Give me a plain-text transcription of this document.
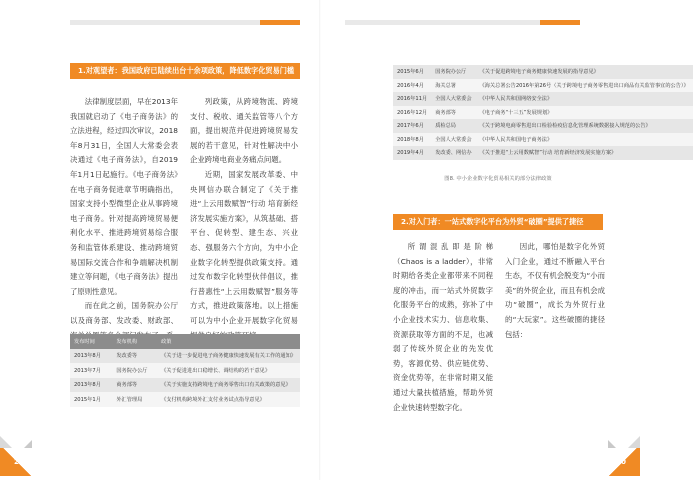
1.对观望者：我国政府已陆续出台十余项政策，降低数字化贸易门槛

法律制度层面，早在2013年我国就启动了《电子商务法》的立法进程，经过四次审议，2018年8月31日，全国人大常委会表决通过《电子商务法》，自2019年1月1日起施行。《电子商务法》在电子商务促进章节明确指出，国家支持小型微型企业从事跨境电子商务。针对提高跨境贸易便利化水平、推进跨境贸易综合服务和监管体系建设、推动跨境贸易国际交流合作和争端解决机制建立等问题，《电子商务法》提出了原则性意见。

而在此之前，国务院办公厅以及商务部、发改委、财政部、

列政策，从跨境物流、跨境支付、税收、通关监管等八个方面，提出规范并促进跨境贸易发展的若干意见，针对性解决中小企业跨境电商业务痛点问题。

近期，国家发展改革委、中央网信办联合制定了《关于推进“上云用数赋智”行动 培育新经济发展实施方案》，从筑基础、搭平台、促转型、建生态、兴业态、强服务六个方向，为中小企业数字化转型提供政策支持。通过发布数字化转型伙伴倡议，推行普惠性“上云用数赋智”服务等方式，推进政策落地。以上措施可以为中小企业开展数字化贸易

发布时间	发布机构	政策
2013年8月	发改委等	《关于进一步促进电子商务健康快速发展有关工作的通知》
2013年7月	国务院办公厅	《关于促进进出口稳增长、调结构的若干意见》
2013年8月	商务部等	《关于实施支持跨境电子商务零售出口有关政策的意见》
2015年1月	外汇管理局	《支付机构跨境外汇支付业务试点指导意见》
29
2015年6月	国务院办公厅	《关于促进跨境电子商务健康快速发展的指导意见》
2016年4月	海关总署	《海关总署公告2016年第26号（关于跨境电子商务零售进出口商品有关监管事宜的公告）》
2016年11月	全国人大常委会	《中华人民共和国网络安全法》
2016年12月	商务部等	《电子商务“十三五”发展规划》
2017年6月	质检总局	《关于跨境电商零售进出口检验检疫信息化管理系统数据接入规范的公告》
2018年8月	全国人大常委会	《中华人民共和国电子商务法》
2019年4月	发改委、网信办	《关于推进“上云用数赋智”行动 培育新经济发展实施方案》
图8. 中小企业数字化贸易相关的部分法律政策
2.对入门者：一站式数字化平台为外贸“破圈”提供了捷径

所谓混乱即是阶梯（Chaos is a ladder），非常时期给各类企业都带来不同程度的冲击，而一站式外贸数字化服务平台的成熟，弥补了中小企业技术实力、信息收集、资源获取等方面的不足，也减弱了传统外贸企业的先发优势，客源优势、供应链优势、资金优势等，在非常时期又能通过大量扶植措施，帮助外贸企业快速转型数字化。

因此，哪怕是数字化外贸入门企业，通过不断融入平台生态，不仅有机会脱变为“小而美”的外贸企业，而且有机会成功“破圈”，成长为外贸行业的“大玩家”。这些破圈的捷径包括：

30
